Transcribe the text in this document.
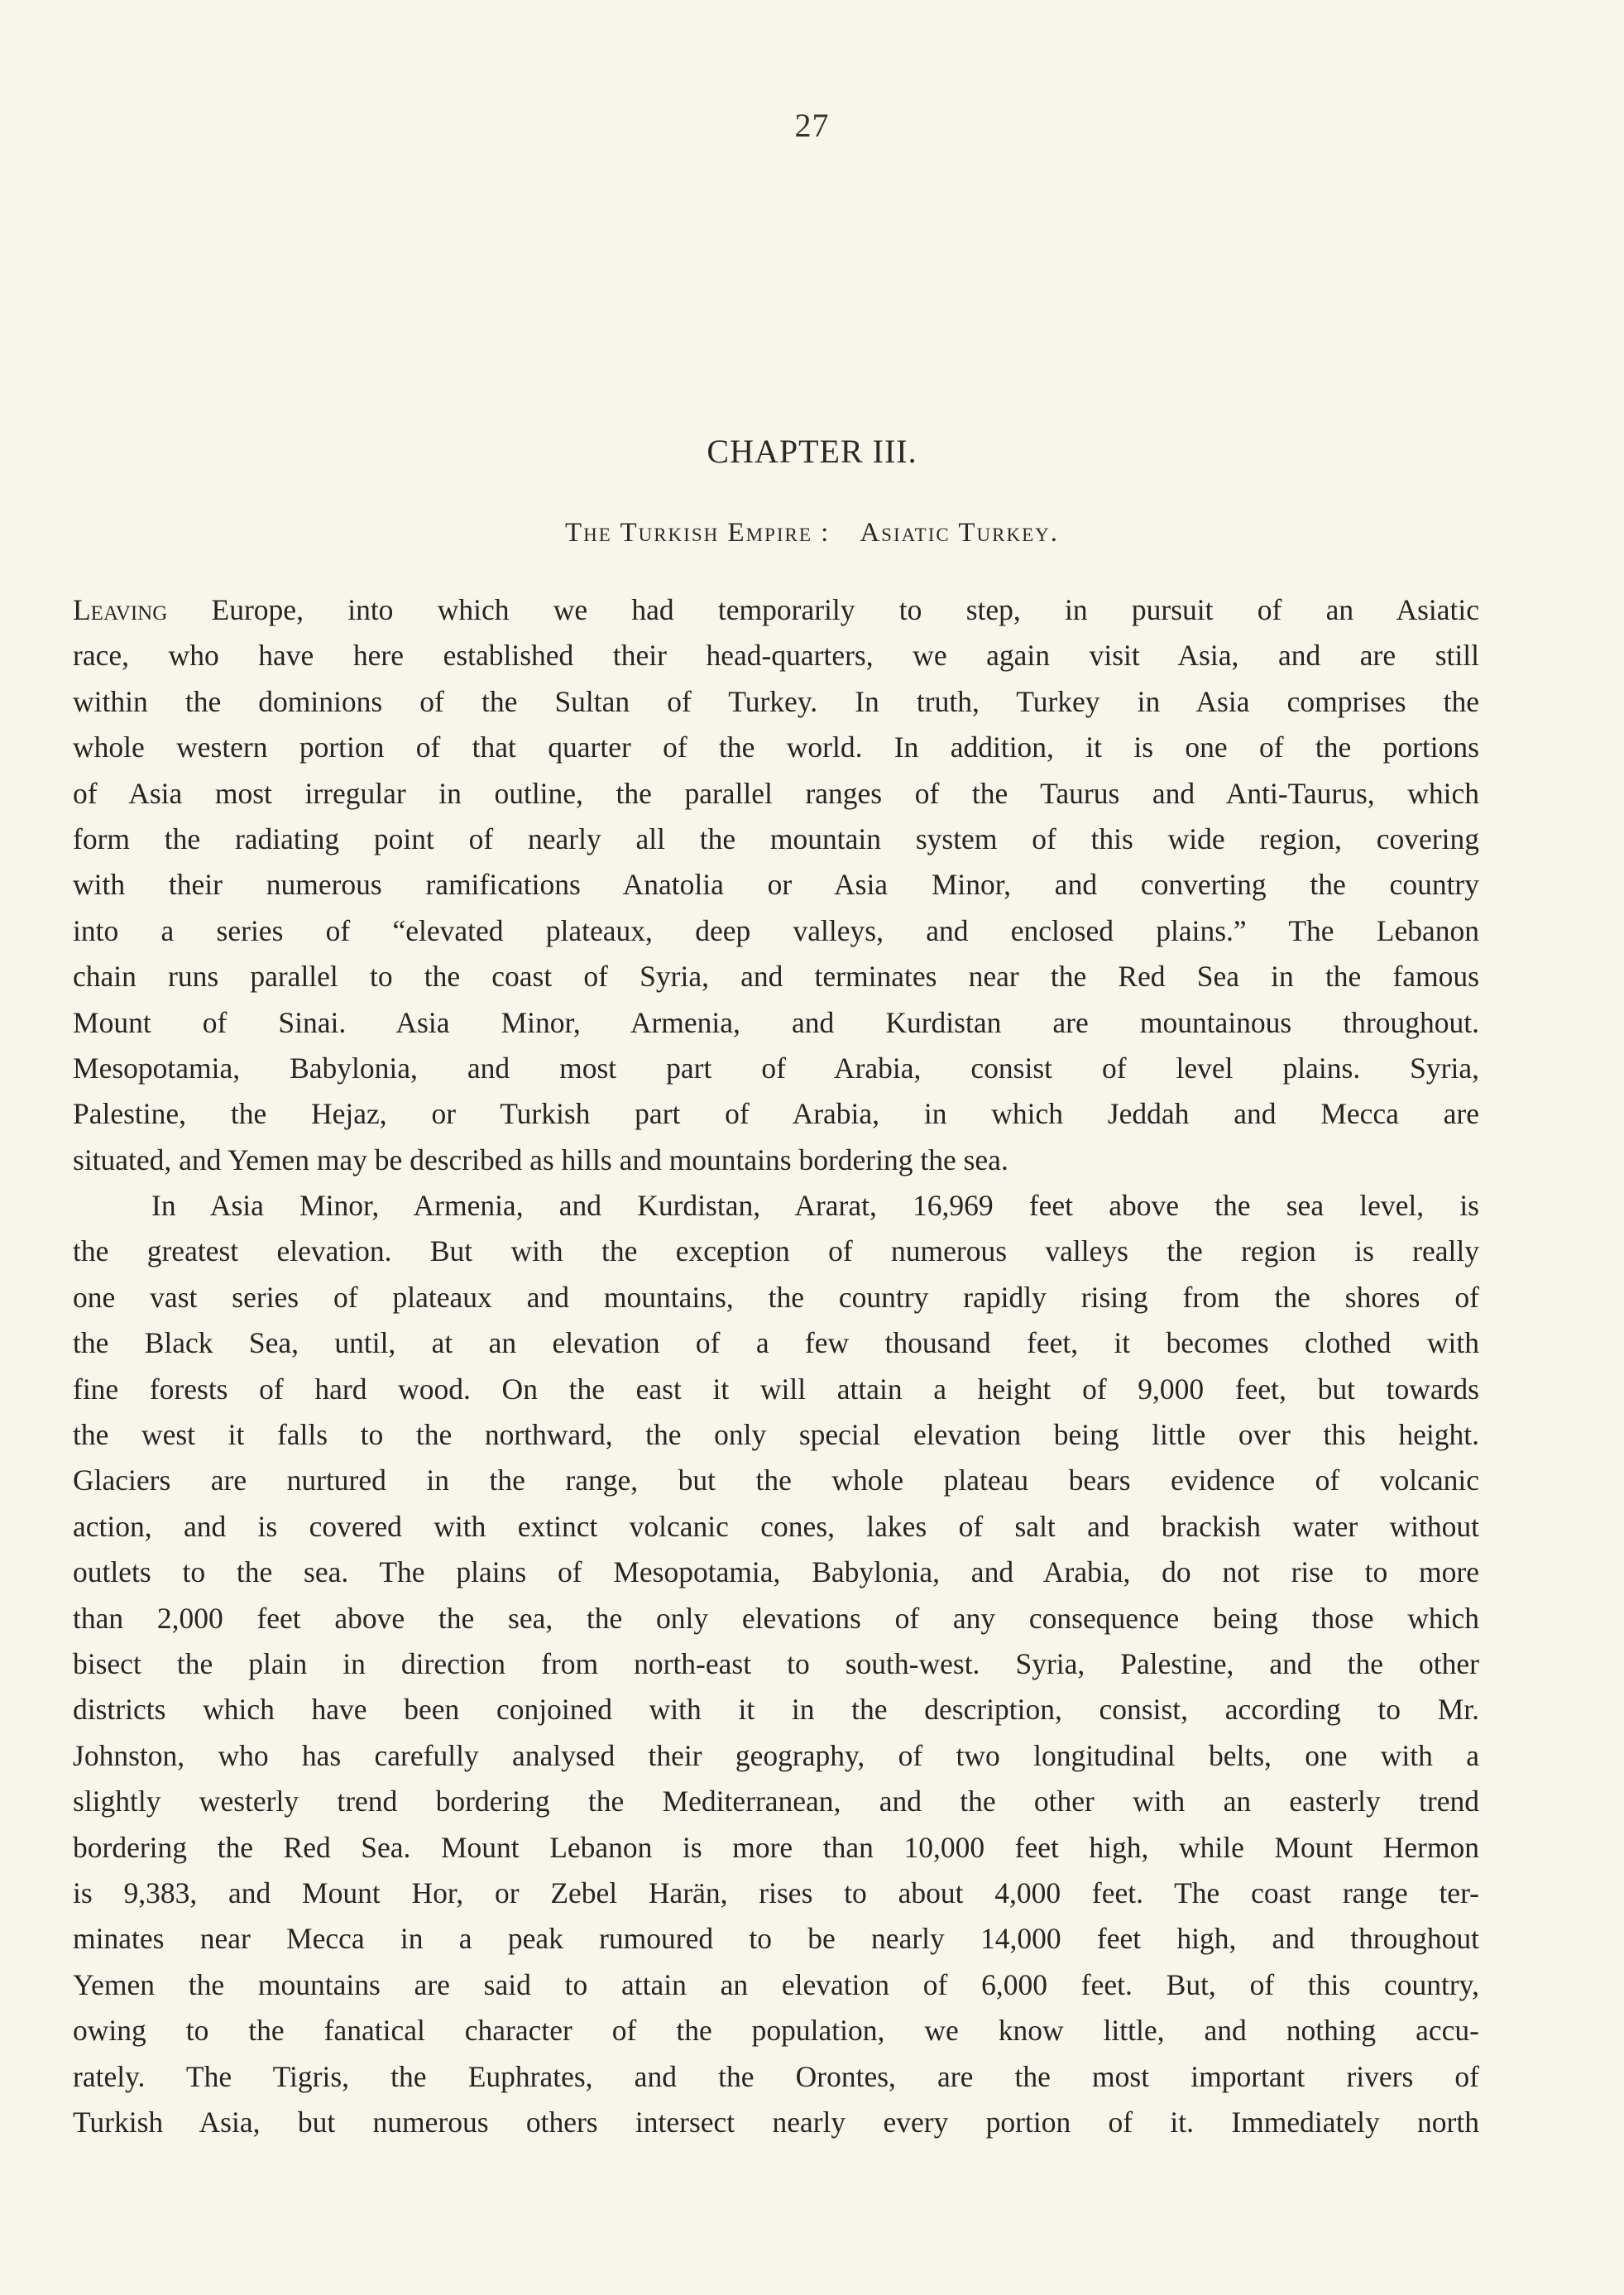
27
CHAPTER III.
The Turkish Empire : Asiatic Turkey.
Leaving Europe, into which we had temporarily to step, in pursuit of an Asiatic
race, who have here established their head-quarters, we again visit Asia, and are still
within the dominions of the Sultan of Turkey. In truth, Turkey in Asia comprises the
whole western portion of that quarter of the world. In addition, it is one of the portions
of Asia most irregular in outline, the parallel ranges of the Taurus and Anti-Taurus, which
form the radiating point of nearly all the mountain system of this wide region, covering
with their numerous ramifications Anatolia or Asia Minor, and converting the country
into a series of “elevated plateaux, deep valleys, and enclosed plains.” The Lebanon
chain runs parallel to the coast of Syria, and terminates near the Red Sea in the famous
Mount of Sinai. Asia Minor, Armenia, and Kurdistan are mountainous throughout.
Mesopotamia, Babylonia, and most part of Arabia, consist of level plains. Syria,
Palestine, the Hejaz, or Turkish part of Arabia, in which Jeddah and Mecca are
situated, and Yemen may be described as hills and mountains bordering the sea.
In Asia Minor, Armenia, and Kurdistan, Ararat, 16,969 feet above the sea level, is
the greatest elevation. But with the exception of numerous valleys the region is really
one vast series of plateaux and mountains, the country rapidly rising from the shores of
the Black Sea, until, at an elevation of a few thousand feet, it becomes clothed with
fine forests of hard wood. On the east it will attain a height of 9,000 feet, but towards
the west it falls to the northward, the only special elevation being little over this height.
Glaciers are nurtured in the range, but the whole plateau bears evidence of volcanic
action, and is covered with extinct volcanic cones, lakes of salt and brackish water without
outlets to the sea. The plains of Mesopotamia, Babylonia, and Arabia, do not rise to more
than 2,000 feet above the sea, the only elevations of any consequence being those which
bisect the plain in direction from north-east to south-west. Syria, Palestine, and the other
districts which have been conjoined with it in the description, consist, according to Mr.
Johnston, who has carefully analysed their geography, of two longitudinal belts, one with a
slightly westerly trend bordering the Mediterranean, and the other with an easterly trend
bordering the Red Sea. Mount Lebanon is more than 10,000 feet high, while Mount Hermon
is 9,383, and Mount Hor, or Zebel Harän, rises to about 4,000 feet. The coast range ter-
minates near Mecca in a peak rumoured to be nearly 14,000 feet high, and throughout
Yemen the mountains are said to attain an elevation of 6,000 feet. But, of this country,
owing to the fanatical character of the population, we know little, and nothing accu-
rately. The Tigris, the Euphrates, and the Orontes, are the most important rivers of
Turkish Asia, but numerous others intersect nearly every portion of it. Immediately north
